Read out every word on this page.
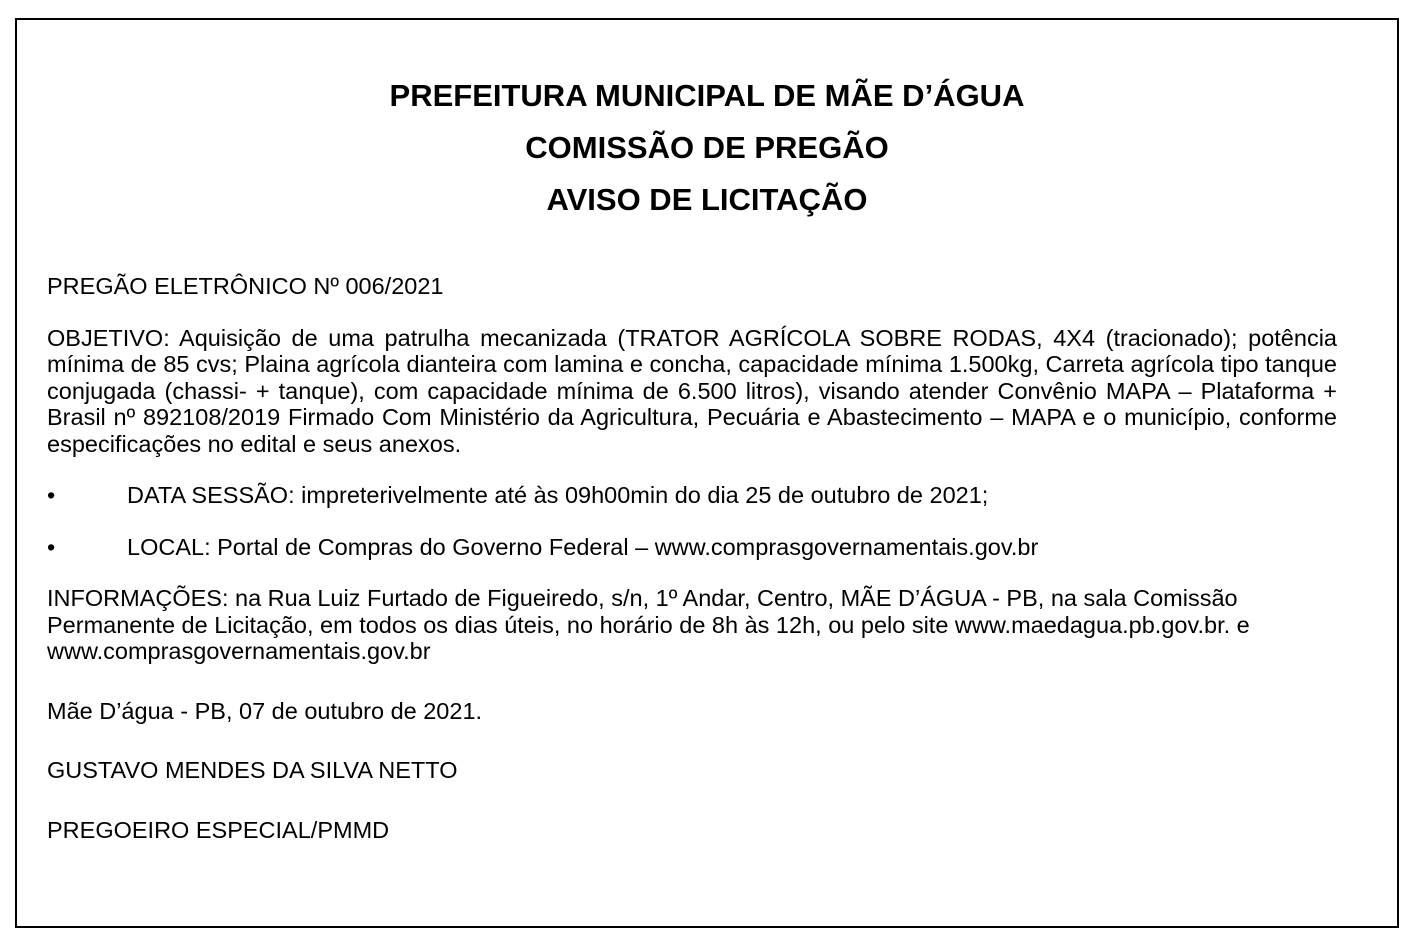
PREFEITURA MUNICIPAL DE MÃE D’ÁGUA

COMISSÃO DE PREGÃO

AVISO DE LICITAÇÃO

PREGÃO ELETRÔNICO Nº 006/2021

OBJETIVO: Aquisição de uma patrulha mecanizada (TRATOR AGRÍCOLA SOBRE RODAS, 4X4 (tracionado); potência mínima de 85 cvs; Plaina agrícola dianteira com lamina e concha, capacidade mínima 1.500kg, Carreta agrícola tipo tanque conjugada (chassi- + tanque), com capacidade mínima de 6.500 litros), visando atender Convênio MAPA – Plataforma + Brasil nº 892108/2019 Firmado Com Ministério da Agricultura, Pecuária e Abastecimento – MAPA e o município, conforme especificações no edital e seus anexos.

•	DATA SESSÃO: impreterivelmente até às 09h00min do dia 25 de outubro de 2021;
•	LOCAL: Portal de Compras do Governo Federal – www.comprasgovernamentais.gov.br

INFORMAÇÕES: na Rua Luiz Furtado de Figueiredo, s/n, 1º Andar, Centro, MÃE D’ÁGUA - PB, na sala Comissão Permanente de Licitação, em todos os dias úteis, no horário de 8h às 12h, ou pelo site www.maedagua.pb.gov.br. e www.comprasgovernamentais.gov.br

Mãe D’água - PB, 07 de outubro de 2021.

GUSTAVO MENDES DA SILVA NETTO

PREGOEIRO ESPECIAL/PMMD
